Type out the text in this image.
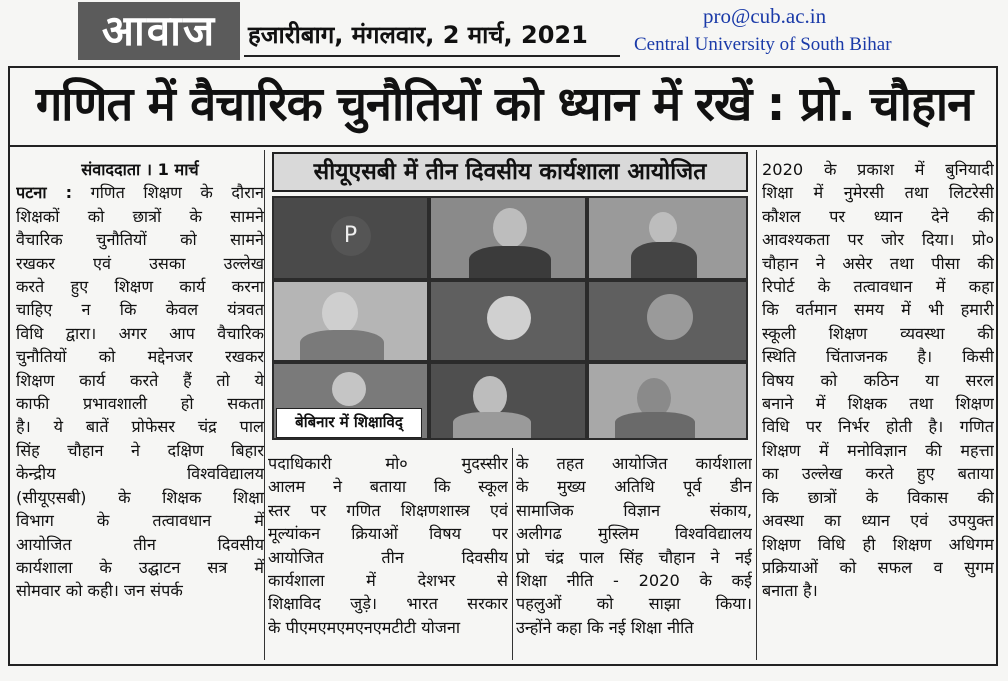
आवाज	हजारीबाग, मंगलवार, 2 मार्च, 2021
pro@cub.ac.in
Central University of South Bihar
गणित में वैचारिक चुनौतियों को ध्यान में रखें : प्रो. चौहान
संवाददाता । 1 मार्च
पटना : गणित शिक्षण के दौरान
शिक्षकों को छात्रों के सामने
वैचारिक चुनौतियों को सामने
रखकर एवं उसका उल्लेख
करते हुए शिक्षण कार्य करना
चाहिए न कि केवल यंत्रवत
विधि द्वारा। अगर आप वैचारिक
चुनौतियों को मद्देनजर रखकर
शिक्षण कार्य करते हैं तो ये
काफी प्रभावशाली हो सकता
है। ये बातें प्रोफेसर चंद्र पाल
सिंह चौहान ने दक्षिण बिहार
केन्द्रीय विश्वविद्यालय
(सीयूएसबी) के शिक्षक शिक्षा
विभाग के तत्वावधान में
आयोजित तीन दिवसीय
कार्यशाला के उद्घाटन सत्र में
सोमवार को कही। जन संपर्क
सीयूएसबी में तीन दिवसीय कार्यशाला आयोजित
P
बेबिनार में शिक्षाविद्
पदाधिकारी मो० मुदस्सीर
आलम ने बताया कि स्कूल
स्तर पर गणित शिक्षणशास्त्र एवं
मूल्यांकन क्रियाओं विषय पर
आयोजित तीन दिवसीय
कार्यशाला में देशभर से
शिक्षाविद जुड़े। भारत सरकार
के पीएमएमएमएनएमटीटी योजना
के तहत आयोजित कार्यशाला
के मुख्य अतिथि पूर्व डीन
सामाजिक विज्ञान संकाय,
अलीगढ मुस्लिम विश्वविद्यालय
प्रो चंद्र पाल सिंह चौहान ने नई
शिक्षा नीति - 2020 के कई
पहलुओं को साझा किया।
उन्होंने कहा कि नई शिक्षा नीति
2020 के प्रकाश में बुनियादी
शिक्षा में नुमेरसी तथा लिटरेसी
कौशल पर ध्यान देने की
आवश्यकता पर जोर दिया। प्रो०
चौहान ने असेर तथा पीसा की
रिपोर्ट के तत्वावधान में कहा
कि वर्तमान समय में भी हमारी
स्कूली शिक्षण व्यवस्था की
स्थिति चिंताजनक है। किसी
विषय को कठिन या सरल
बनाने में शिक्षक तथा शिक्षण
विधि पर निर्भर होती है। गणित
शिक्षण में मनोविज्ञान की महत्ता
का उल्लेख करते हुए बताया
कि छात्रों के विकास की
अवस्था का ध्यान एवं उपयुक्त
शिक्षण विधि ही शिक्षण अधिगम
प्रक्रियाओं को सफल व सुगम
बनाता है।
